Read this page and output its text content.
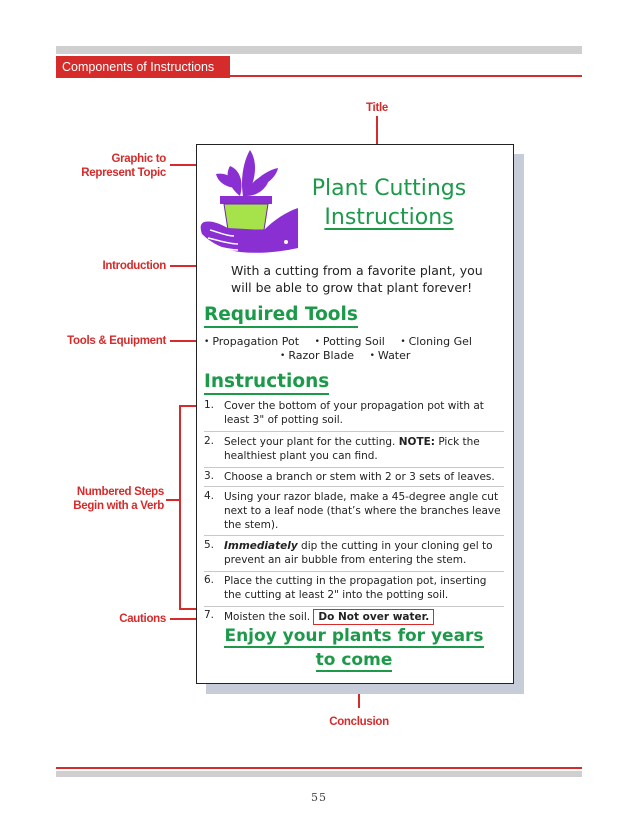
Components of Instructions
Title
Graphic to
Represent Topic
Introduction
Tools & Equipment
Numbered Steps
Begin with a Verb
Cautions
Conclusion
Plant Cuttings
Instructions
With a cutting from a favorite plant, you
will be able to grow that plant forever!
Required Tools
• Propagation Pot • Potting Soil • Cloning Gel
• Razor Blade • Water
Instructions
1. Cover the bottom of your propagation pot with at least 3" of potting soil.
2. Select your plant for the cutting. NOTE: Pick the healthiest plant you can find.
3. Choose a branch or stem with 2 or 3 sets of leaves.
4. Using your razor blade, make a 45-degree angle cut next to a leaf node (that’s where the branches leave the stem).
5. Immediately dip the cutting in your cloning gel to prevent an air bubble from entering the stem.
6. Place the cutting in the propagation pot, inserting the cutting at least 2" into the potting soil.
7. Moisten the soil. Do Not over water.
Enjoy your plants for years
to come
55
